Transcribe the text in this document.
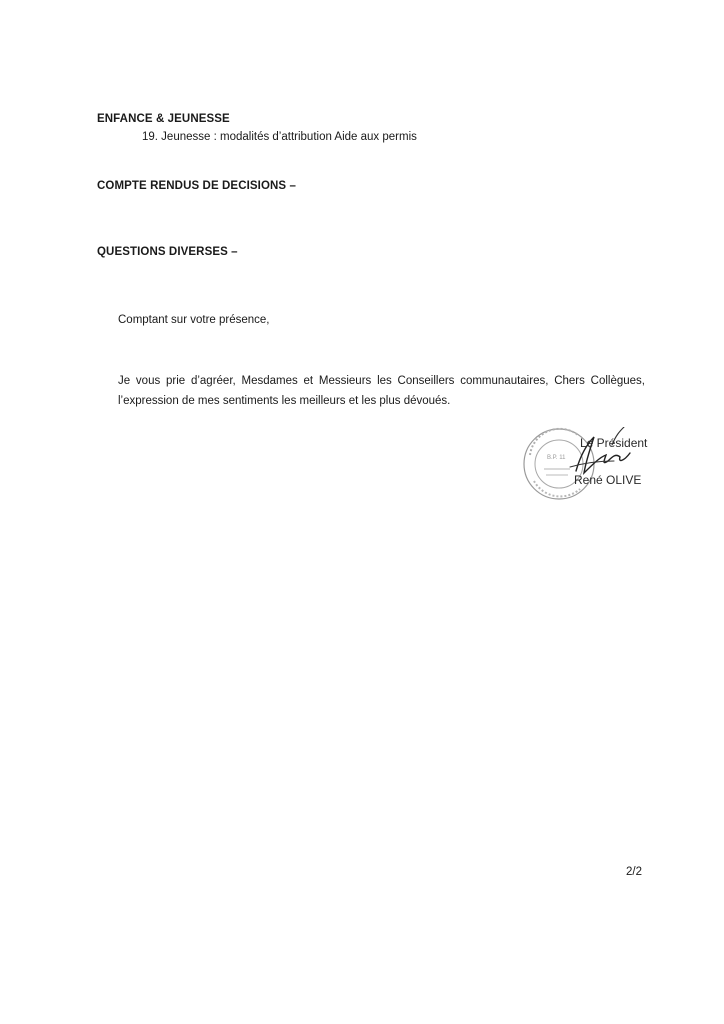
ENFANCE & JEUNESSE
19. Jeunesse : modalités d’attribution Aide aux permis
COMPTE RENDUS DE DECISIONS –
QUESTIONS DIVERSES –
Comptant sur votre présence,
Je vous prie d’agréer, Mesdames et Messieurs les Conseillers communautaires, Chers Collègues,
l’expression de mes sentiments les meilleurs et les plus dévoués.
B.P. 11
Le Président
René OLIVE
2/2
